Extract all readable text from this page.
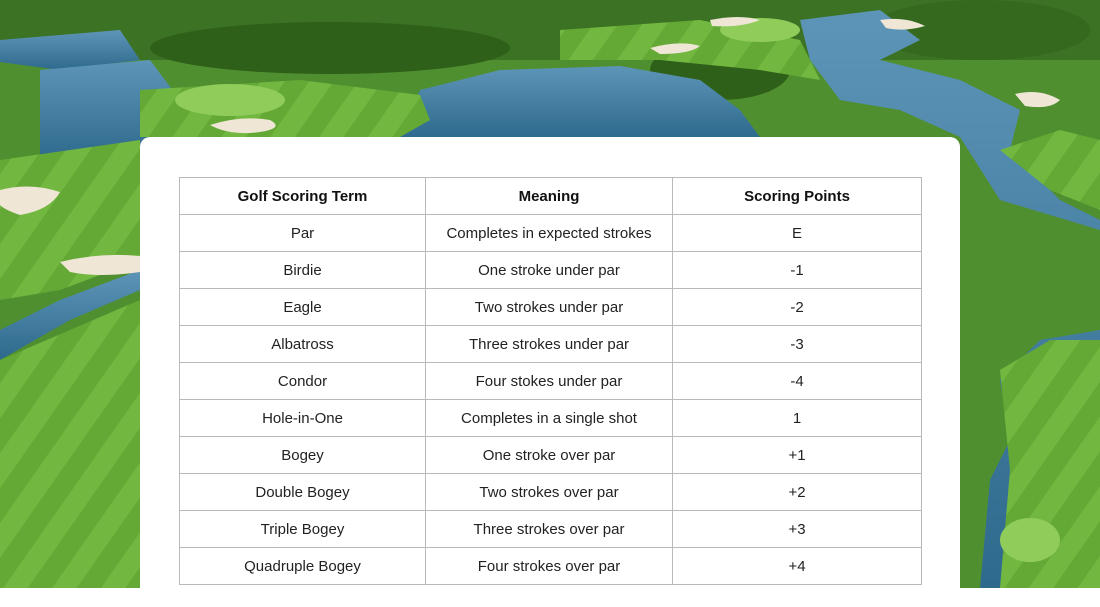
Golf Scoring Term	Meaning	Scoring Points
Par	Completes in expected strokes	E
Birdie	One stroke under par	-1
Eagle	Two strokes under par	-2
Albatross	Three strokes under par	-3
Condor	Four stokes under par	-4
Hole-in-One	Completes in a single shot	1
Bogey	One stroke over par	+1
Double Bogey	Two strokes over par	+2
Triple Bogey	Three strokes over par	+3
Quadruple Bogey	Four strokes over par	+4
